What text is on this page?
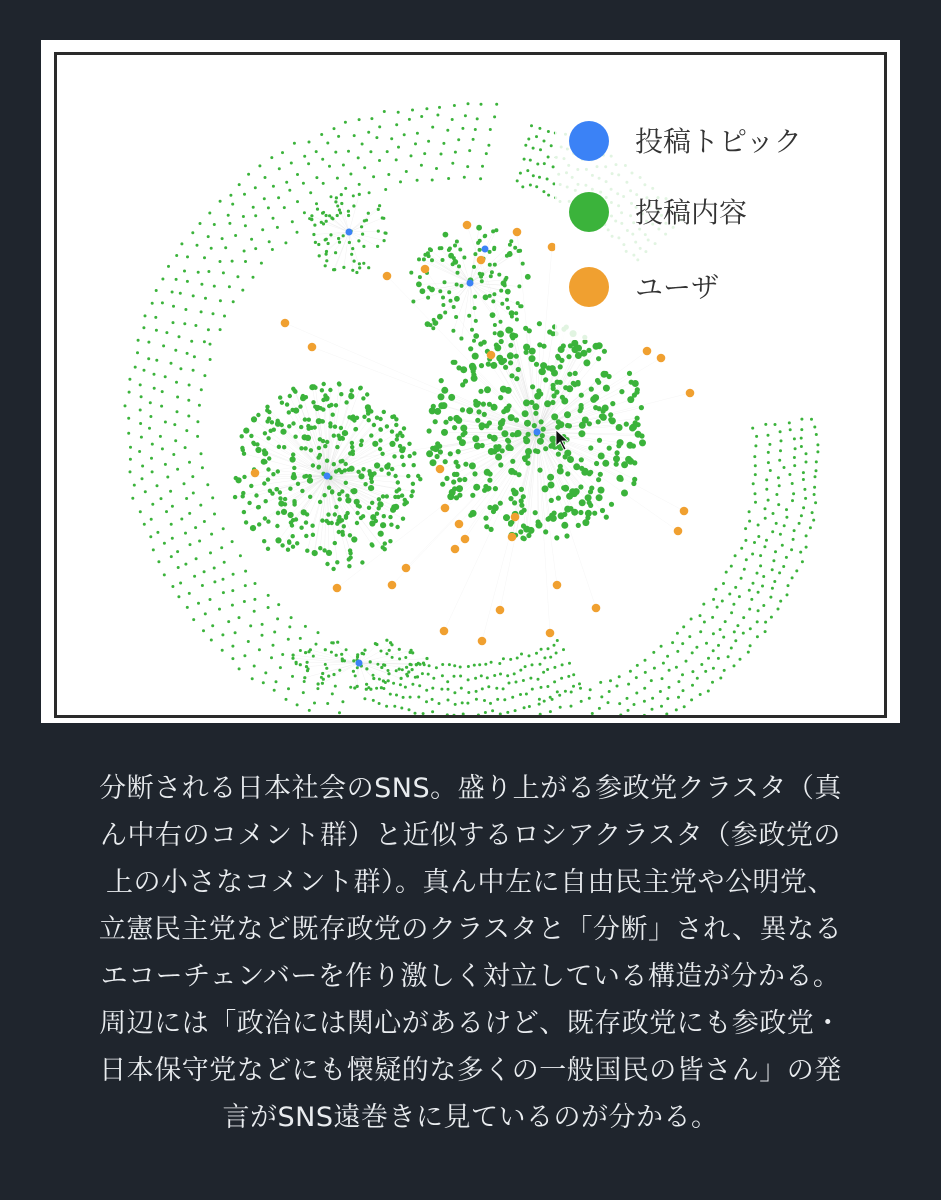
投稿トピック
投稿内容
ユーザ
分断される日本社会のSNS。盛り上がる参政党クラスタ（真
ん中右のコメント群）と近似するロシアクラスタ（参政党の
上の小さなコメント群）。真ん中左に自由民主党や公明党、
立憲民主党など既存政党のクラスタと「分断」され、異なる
エコーチェンバーを作り激しく対立している構造が分かる。
周辺には「政治には関心があるけど、既存政党にも参政党・
日本保守党などにも懐疑的な多くの一般国民の皆さん」の発
言がSNS遠巻きに見ているのが分かる。
